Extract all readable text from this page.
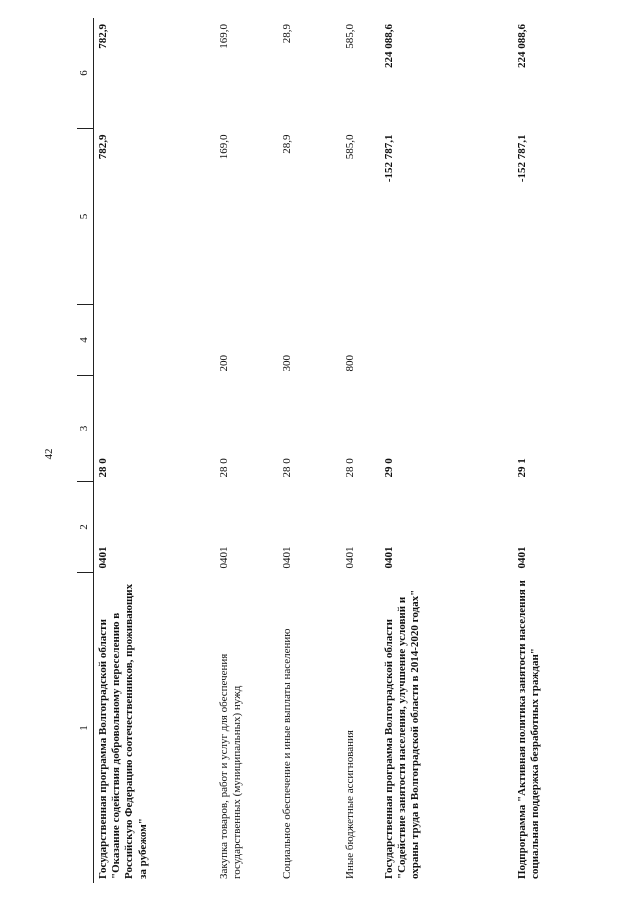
42
1	2	3	4	5	6
Государственная программа Волгоградской области "Оказание содействия добровольному переселению в Российскую Федерацию соотечественников, проживающих за рубежом"	0401	28 0		782,9	782,9
Закупка товаров, работ и услуг для обеспечения государственных (муниципальных) нужд	0401	28 0	200	169,0	169,0
Социальное обеспечение и иные выплаты населению	0401	28 0	300	28,9	28,9
Иные бюджетные ассигнования	0401	28 0	800	585,0	585,0
Государственная программа Волгоградской области "Содействие занятости населения, улучшение условий и охраны труда в Волгоградской области в 2014-2020 годах"	0401	29 0		-152 787,1	224 088,6
Подпрограмма "Активная политика занятости населения и социальная поддержка безработных граждан"	0401	29 1		-152 787,1	224 088,6
